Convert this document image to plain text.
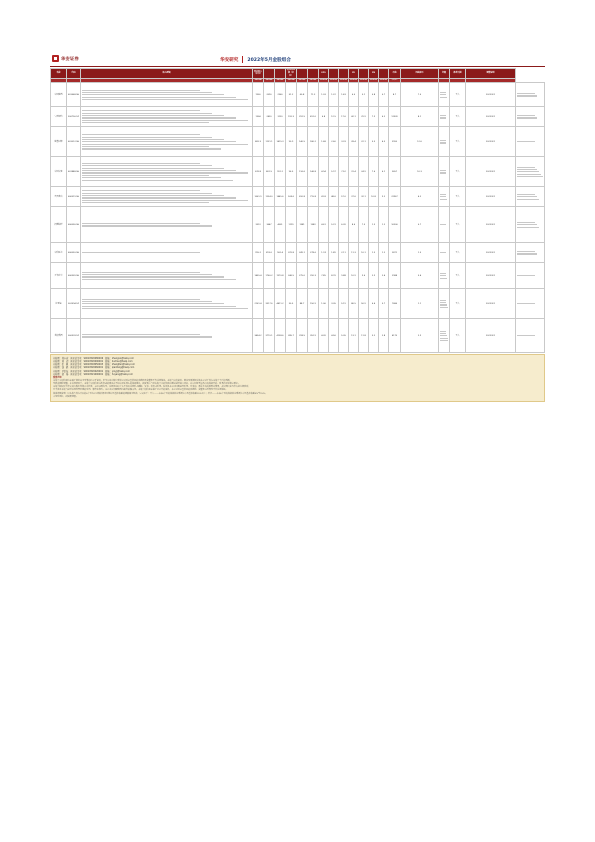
华安证券	华安研究 2022年5月金股组合
名称	代码	核心逻辑	营业收入（亿元）			归母净利润（亿元）			EPS			PE		PB		市值	风险提示	评级	推荐日期	调整说明	
			2021A	2022E	2023E	2021A	2022E	2023E	2021A	2022E	2023E	2022E	2023E	2022E	2023E	（亿元）					
中国建筑	601668.SH		1900	2090	2360	51.2	60.8	71.3	1.03	1.22	1.43	6.0	5.1	0.8	0.7	8.7	7.0		买入	2022/5/1	

宁德时代	300750.SZ		1304	2420	3120	159.3	292.5	412.0	6.8	12.5	17.6	42.1	29.9	7.9	6.2	12309	8.1		买入	2022/5/1	

隆基绿能	601012.SH		809.3	1131.1	1415.3	90.9	140.5	180.2	1.68	2.60	3.33	28.4	22.1	5.3	4.3	3990	12.6		买入	2022/5/1	

中国中免	601888.SH		676.8	801.5	991.2	96.5	116.6	146.8	4.94	5.97	7.52	31.4	24.9	7.6	6.1	3657	10.3		买入	2022/5/1	

贵州茅台	600519.SH		1061.9	1234.0	1445.6	524.6	610.8	715.8	41.8	48.6	57.0	37.6	32.1	10.8	9.2	22967	4.2		买入	2022/5/1	

招商银行	600036.SH		3313	3647	4001	1199	1381	1583	4.61	5.31	6.09	8.6	7.5	1.3	1.2	10200	0.7		买入	2022/5/1	

中信证券	600030.SH		765.2	813.0	902.4	229.8	249.1	278.6	1.74	1.89	2.11	11.3	10.1	1.3	1.2	2871	1.5		买入	2022/5/1	

万华化学	600309.SH		1455.4	1760.2	1970.8	246.5	275.0	310.3	7.85	8.76	9.88	10.9	9.6	2.9	2.4	2988	5.4		买入	2022/5/1	

比亚迪	002594.SZ		2161.4	3317.6	4411.2	30.5	88.7	150.9	1.06	3.05	5.19	86.5	50.9	6.4	5.7	7686	1.1		买入	2022/5/1	

美的集团	000333.SZ		3434.2	3770.1	4138.6	285.7	318.5	352.9	4.09	4.56	5.05	13.1	11.8	3.2	2.8	4175	2.9		买入	2022/5/1	
分析师：郑小霞　执业证书号：S0010520080006　邮箱：zhengxx@hazq.com
分析师：刘　超　执业证书号：S0010520090001　邮箱：liuchao@hazq.com
分析师：张　帆　执业证书号：S0010518050003　邮箱：zhangfan@hazq.com
分析师：钱　峰　执业证书号：S0010520060001　邮箱：qianfeng@hazq.com
分析师：尹沿技　执业证书号：S0010520020001　邮箱：yinyj@hazq.com
分析师：胡　杨　执业证书号：S0010521090001　邮箱：huyang@hazq.com
重要声明：
本报告中的信息均来源于我们认为可靠的已公开资料，但华安证券股份有限公司对这些信息的准确性及完整性不作任何保证。本报告中的资料、意见及预测仅反映本公司于发布本报告当日的判断，
可能会随时调整。在任何情况下，本报告中的信息或所表述的意见并不构成对任何人的投资建议，投资者应当对本报告中的信息和意见进行独立评估，并应同时考量各自的投资目的、财务状况和特定需求。
本报告版权仅为华安证券股份有限公司所有，未经书面许可，任何机构和个人不得以任何形式翻版、复制、发表或引用。如征得本公司同意进行引用、刊发的，需在允许的范围内使用，并注明出处为华安证券研究所，
且不得对本报告进行任何有悖原意的引用、删节和修改。本公司在知晓范围内履行披露义务。本报告的信息来源于已公开的资料，本公司对这些信息的准确性、完整性或可靠性不作任何保证。
投资评级说明：以本报告发布日后的6个月内公司股价相对同期市场基准指数的涨跌幅为标准，定义如下：买入——未来6个月的投资收益率领先市场基准指数15%以上；增持——未来6个月的投资收益率领先市场基准指数5%至15%。
市场有风险，投资需谨慎。
